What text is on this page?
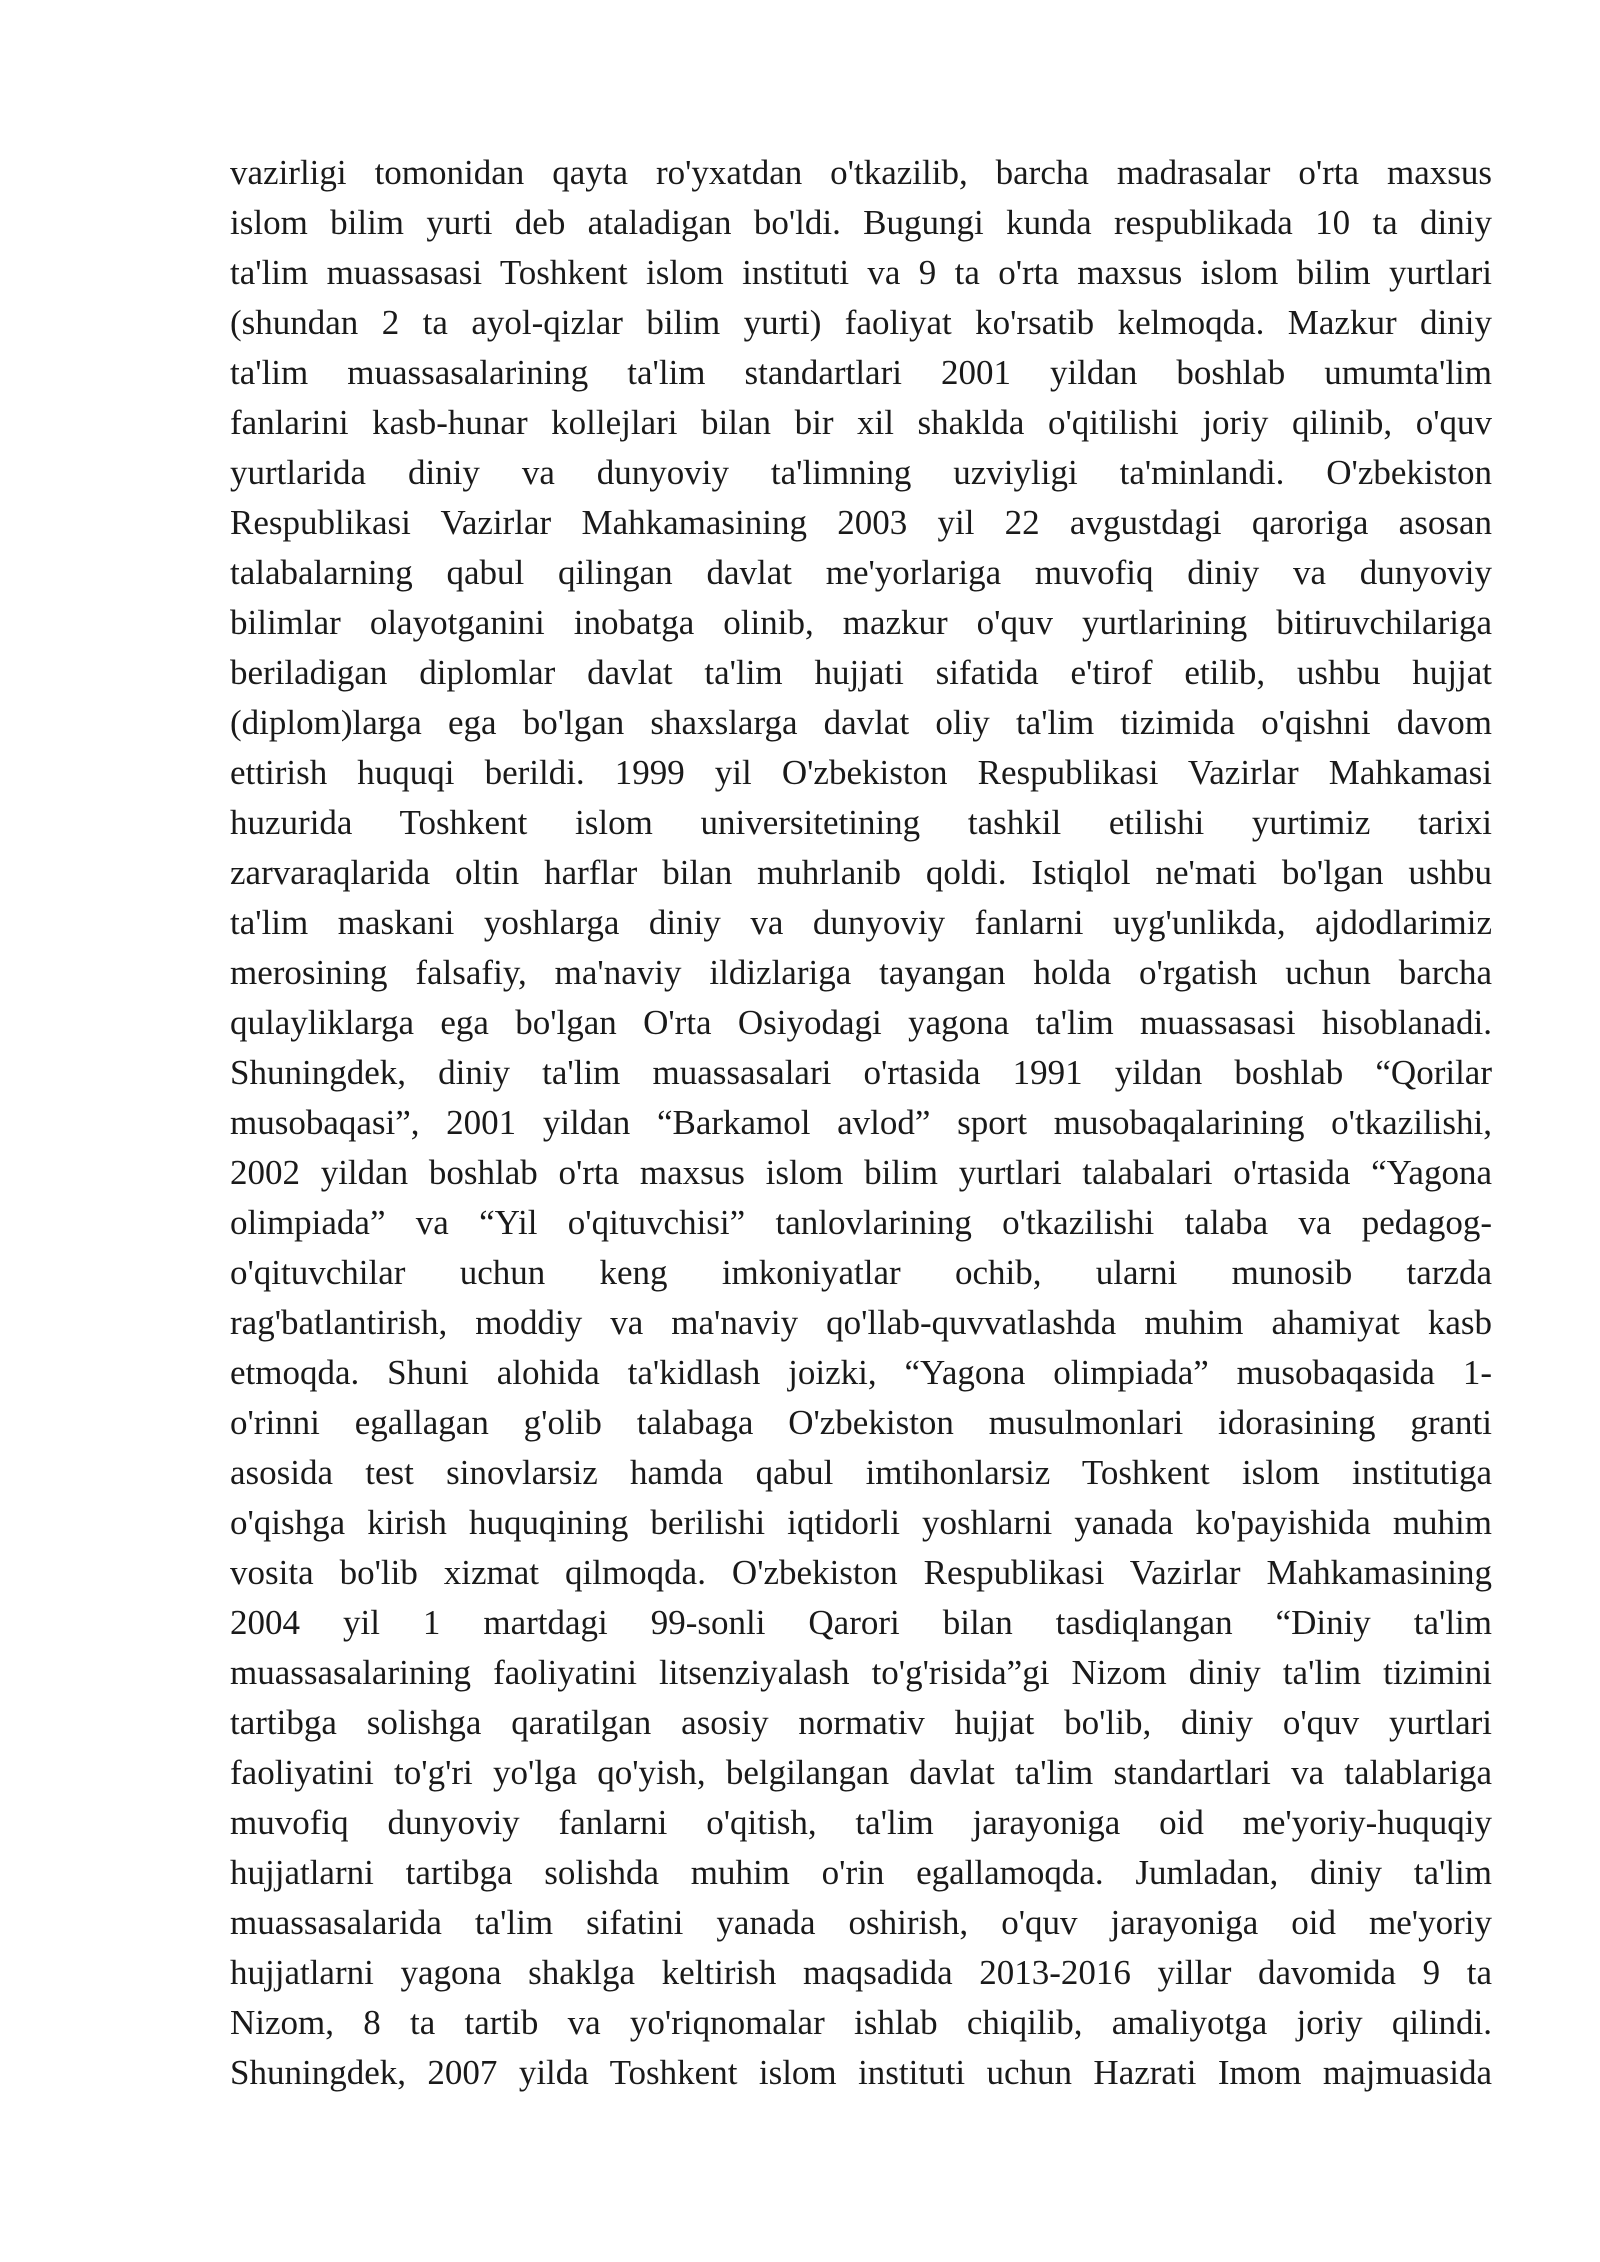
vazirligi tomonidan qayta ro'yxatdan o'tkazilib, barcha madrasalar o'rta maxsus
islom bilim yurti deb ataladigan bo'ldi. Bugungi kunda respublikada 10 ta diniy
ta'lim muassasasi Toshkent islom instituti va 9 ta o'rta maxsus islom bilim yurtlari
(shundan 2 ta ayol-qizlar bilim yurti) faoliyat ko'rsatib kelmoqda. Mazkur diniy
ta'lim muassasalarining ta'lim standartlari 2001 yildan boshlab umumta'lim
fanlarini kasb-hunar kollejlari bilan bir xil shaklda o'qitilishi joriy qilinib, o'quv
yurtlarida diniy va dunyoviy ta'limning uzviyligi ta'minlandi. O'zbekiston
Respublikasi Vazirlar Mahkamasining 2003 yil 22 avgustdagi qaroriga asosan
talabalarning qabul qilingan davlat me'yorlariga muvofiq diniy va dunyoviy
bilimlar olayotganini inobatga olinib, mazkur o'quv yurtlarining bitiruvchilariga
beriladigan diplomlar davlat ta'lim hujjati sifatida e'tirof etilib, ushbu hujjat
(diplom)larga ega bo'lgan shaxslarga davlat oliy ta'lim tizimida o'qishni davom
ettirish huquqi berildi. 1999 yil O'zbekiston Respublikasi Vazirlar Mahkamasi
huzurida Toshkent islom universitetining tashkil etilishi yurtimiz tarixi
zarvaraqlarida oltin harflar bilan muhrlanib qoldi. Istiqlol ne'mati bo'lgan ushbu
ta'lim maskani yoshlarga diniy va dunyoviy fanlarni uyg'unlikda, ajdodlarimiz
merosining falsafiy, ma'naviy ildizlariga tayangan holda o'rgatish uchun barcha
qulayliklarga ega bo'lgan O'rta Osiyodagi yagona ta'lim muassasasi hisoblanadi.
Shuningdek, diniy ta'lim muassasalari o'rtasida 1991 yildan boshlab “Qorilar
musobaqasi”, 2001 yildan “Barkamol avlod” sport musobaqalarining o'tkazilishi,
2002 yildan boshlab o'rta maxsus islom bilim yurtlari talabalari o'rtasida “Yagona
olimpiada” va “Yil o'qituvchisi” tanlovlarining o'tkazilishi talaba va pedagog-
o'qituvchilar uchun keng imkoniyatlar ochib, ularni munosib tarzda
rag'batlantirish, moddiy va ma'naviy qo'llab-quvvatlashda muhim ahamiyat kasb
etmoqda. Shuni alohida ta'kidlash joizki, “Yagona olimpiada” musobaqasida 1-
o'rinni egallagan g'olib talabaga O'zbekiston musulmonlari idorasining granti
asosida test sinovlarsiz hamda qabul imtihonlarsiz Toshkent islom institutiga
o'qishga kirish huquqining berilishi iqtidorli yoshlarni yanada ko'payishida muhim
vosita bo'lib xizmat qilmoqda. O'zbekiston Respublikasi Vazirlar Mahkamasining
2004 yil 1 martdagi 99-sonli Qarori bilan tasdiqlangan “Diniy ta'lim
muassasalarining faoliyatini litsenziyalash to'g'risida”gi Nizom diniy ta'lim tizimini
tartibga solishga qaratilgan asosiy normativ hujjat bo'lib, diniy o'quv yurtlari
faoliyatini to'g'ri yo'lga qo'yish, belgilangan davlat ta'lim standartlari va talablariga
muvofiq dunyoviy fanlarni o'qitish, ta'lim jarayoniga oid me'yoriy-huquqiy
hujjatlarni tartibga solishda muhim o'rin egallamoqda. Jumladan, diniy ta'lim
muassasalarida ta'lim sifatini yanada oshirish, o'quv jarayoniga oid me'yoriy
hujjatlarni yagona shaklga keltirish maqsadida 2013-2016 yillar davomida 9 ta
Nizom, 8 ta tartib va yo'riqnomalar ishlab chiqilib, amaliyotga joriy qilindi.
Shuningdek, 2007 yilda Toshkent islom instituti uchun Hazrati Imom majmuasida
